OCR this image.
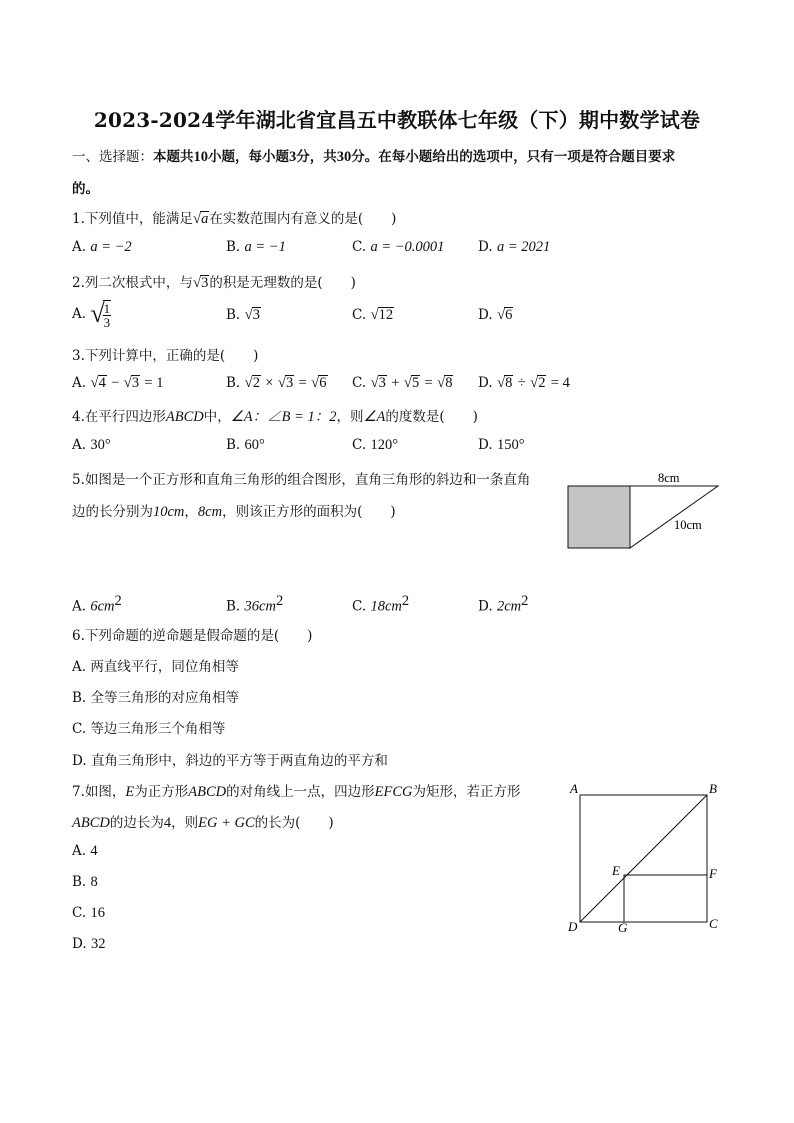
2023-2024学年湖北省宜昌五中教联体七年级（下）期中数学试卷
一、选择题：本题共10小题，每小题3分，共30分。在每小题给出的选项中，只有一项是符合题目要求
的。
1.下列值中，能满足√a在实数范围内有意义的是( )
A. a = −2	B. a = −1	C. a = −0.0001 D. a = 2021
2.列二次根式中，与√3的积是无理数的是( )
A. √
$\frac{1}{3}$	B. √3	C. √12	D. √6
3.下列计算中，正确的是( )
A. √4 − √3 = 1	B. √2 × √3 = √6 C. √3 + √5 = √8 D. √8 ÷ √2 = 4
4.在平行四边形ABCD中，∠A：∠B = 1：2，则∠A的度数是( )
A. 30°	B. 60°	C. 120°	D. 150°
5.如图是一个正方形和直角三角形的组合图形，直角三角形的斜边和一条直角
边的长分别为10cm，8cm，则该正方形的面积为( )
8cm
10cm
A. $6cm^2$	B. $36cm^2$	C. $18cm^2$	D. $2cm^2$
6.下列命题的逆命题是假命题的是( )
A. 两直线平行，同位角相等
B. 全等三角形的对应角相等
C. 等边三角形三个角相等
D. 直角三角形中，斜边的平方等于两直角边的平方和
7.如图，E为正方形ABCD的对角线上一点，四边形EFCG为矩形，若正方形
ABCD的边长为4，则EG + GC的长为( )
A	B
C
D
E	F
G
A. 4
B. 8
C. 16
D. 32
